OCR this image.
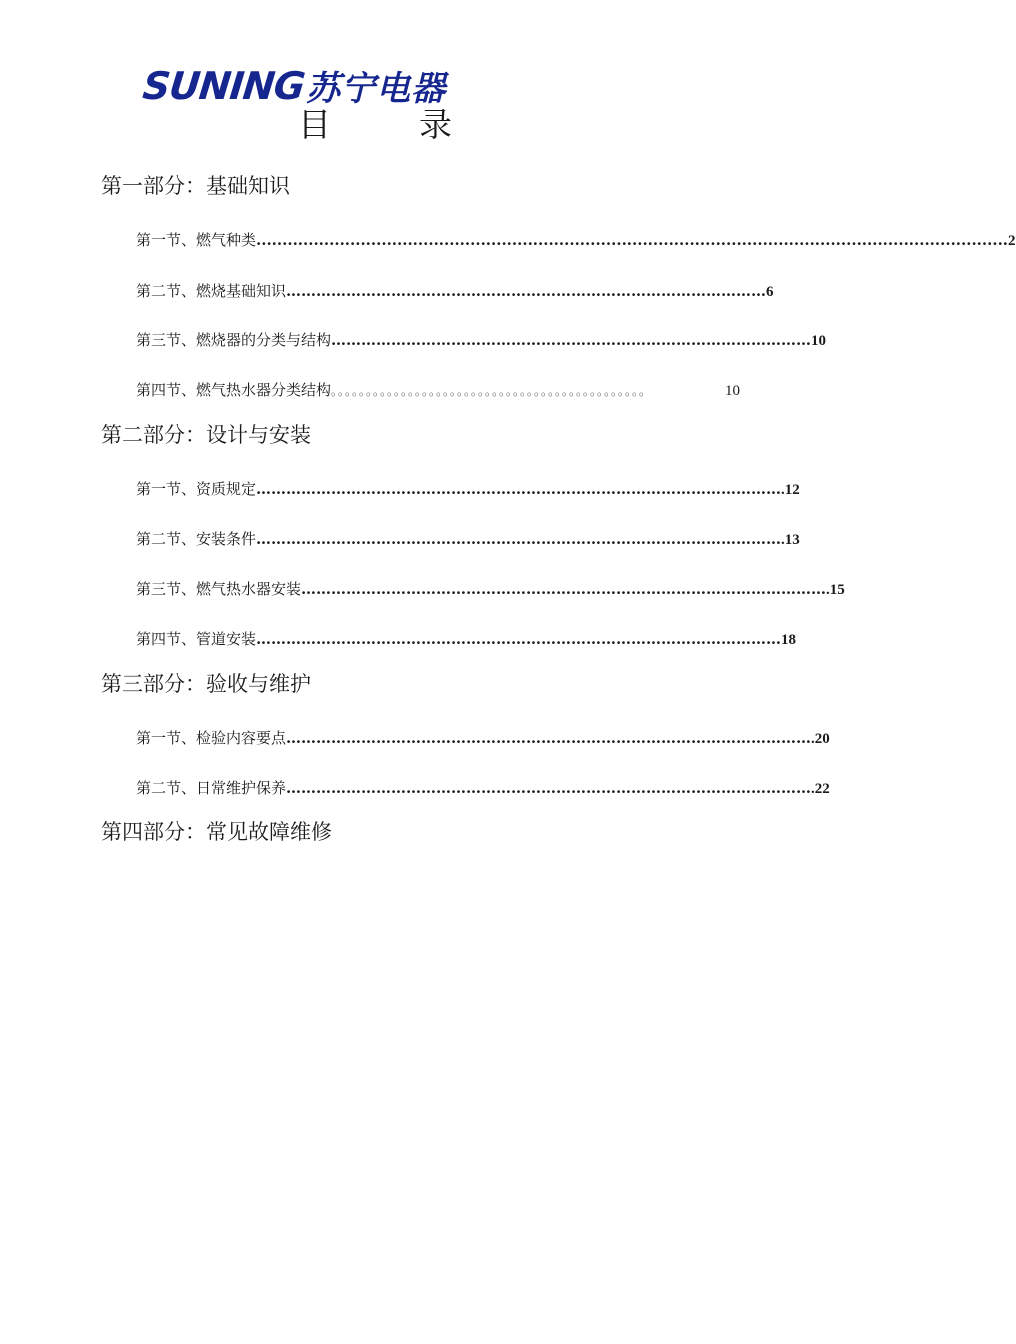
SUNING 苏宁电器
目录
第一部分：基础知识
第一节、燃气种类 ................................................................................................................................................ 2
第二节、燃烧基础知识 …………………………………………………………………………………… 6
第三节、燃烧器的分类与结构 …………………………………………………………………………………… 10
第四节、燃气热水器分类结构 。。。。。。。。。。。。。。。。。。。。。。。。。。。。。。。。。。。。。。。。。。。。。	10
第二部分：设计与安装
第一节、资质规定 …………………………………………………………………………………………… .12
第二节、安装条件 …………………………………………………………………………………………… .13
第三节、燃气热水器安装 …………………………………………………………………………………………… .15
第四节、管道安装 …………………………………………………………………………………………… 18
第三部分：验收与维护
第一节、检验内容要点 …………………………………………………………………………………………… .20
第二节、日常维护保养 …………………………………………………………………………………………… .22
第四部分：常见故障维修
